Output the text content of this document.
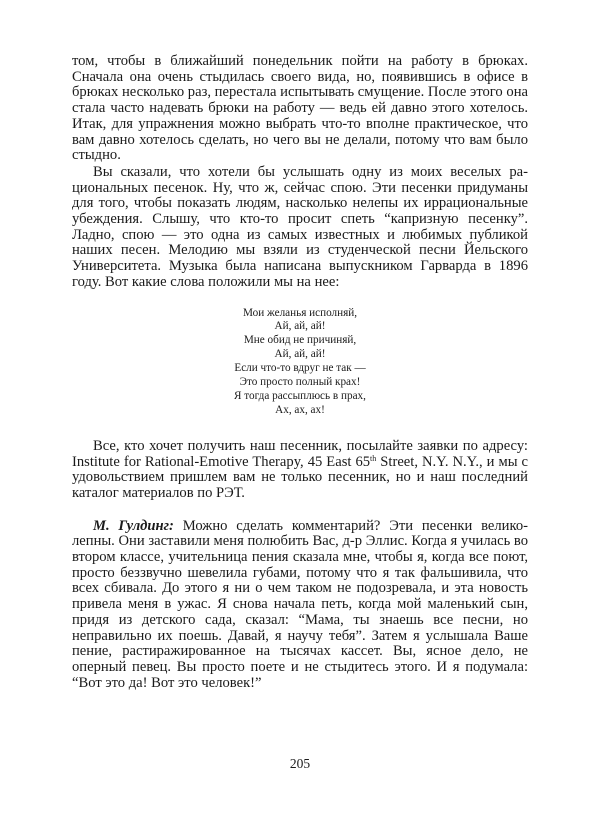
том, чтобы в ближайший понедельник пойти на работу в брюках. Сначала она очень стыдилась своего вида, но, появившись в офисе в брюках несколько раз, перестала испытывать смущение. После этого она стала часто надевать брюки на работу — ведь ей давно этого хотелось. Итак, для упражнения можно выбрать что-то вполне практическое, что вам давно хотелось сделать, но чего вы не делали, потому что вам было стыдно.

Вы сказали, что хотели бы услышать одну из моих веселых рациональных песенок. Ну, что ж, сейчас спою. Эти песенки придуманы для того, чтобы показать людям, насколько нелепы их иррациональные убеждения. Слышу, что кто-то просит спеть “капризную песенку”. Ладно, спою — это одна из самых известных и любимых публикой наших песен. Мелодию мы взяли из студенческой песни Йельского Университета. Музыка была написана выпускником Гарварда в 1896 году. Вот какие слова положили мы на нее:

Мои желанья исполняй,
Ай, ай, ай!
Мне обид не причиняй,
Ай, ай, ай!
Если что-то вдруг не так —
Это просто полный крах!
Я тогда рассыплюсь в прах,
Ах, ах, ах!

Все, кто хочет получить наш песенник, посылайте заявки по адресу: Institute for Rational-Emotive Therapy, 45 East 65th Street, N.Y. N.Y., и мы с удовольствием пришлем вам не только песенник, но и наш последний каталог материалов по РЭТ.

М. Гулдинг: Можно сделать комментарий? Эти песенки великолепны. Они заставили меня полюбить Вас, д-р Эллис. Когда я училась во втором классе, учительница пения сказала мне, чтобы я, когда все поют, просто беззвучно шевелила губами, потому что я так фальшивила, что всех сбивала. До этого я ни о чем таком не подозревала, и эта новость привела меня в ужас. Я снова начала петь, когда мой маленький сын, придя из детского сада, сказал: “Мама, ты знаешь все песни, но неправильно их поешь. Давай, я научу тебя”. Затем я услышала Ваше пение, растиражированное на тысячах кассет. Вы, ясное дело, не оперный певец. Вы просто поете и не стыдитесь этого. И я подумала: “Вот это да! Вот это человек!”

205
